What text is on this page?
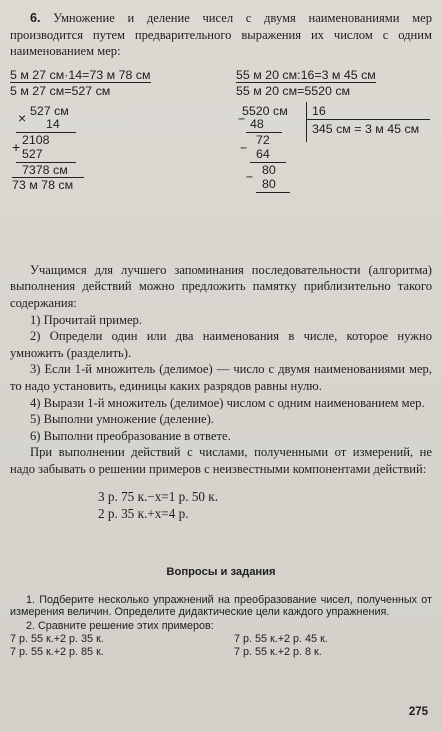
6. Умножение и деление чисел с двумя наименованиями мер производится путем предварительного выражения их числом с одним наименованием мер:

5 м 27 см·14=73 м 78 см
5 м 27 см=527 см
55 м 20 см:16=3 м 45 см
55 м 20 см=5520 см
× 527 см
14
2108
+ 527
7378 см
73 м 78 см
5520 см 16
345 см = 3 м 45 см
− 48
−
72
64
− 80
80

Учащимся для лучшего запоминания последовательности (алгоритма) выполнения действий можно предложить памятку приблизительно такого содержания:

1) Прочитай пример.

2) Определи один или два наименования в числе, которое нужно умножить (разделить).

3) Если 1-й множитель (делимое) — число с двумя наименованиями мер, то надо установить, единицы каких разрядов равны нулю.

4) Вырази 1-й множитель (делимое) числом с одним наименованием мер.

5) Выполни умножение (деление).

6) Выполни преобразование в ответе.

При выполнении действий с числами, полученными от измерений, не надо забывать о решении примеров с неизвестными компонентами действий:

3 р. 75 к.−x=1 р. 50 к.
2 р. 35 к.+x=4 р.
Вопросы и задания

1. Подберите несколько упражнений на преобразование чисел, полученных от измерения величин. Определите дидактические цели каждого упражнения.

2. Сравните решение этих примеров:

7 р. 55 к.+2 р. 35 к.	7 р. 55 к.+2 р. 45 к.
7 р. 55 к.+2 р. 85 к.	7 р. 55 к.+2 р. 8 к.
275
